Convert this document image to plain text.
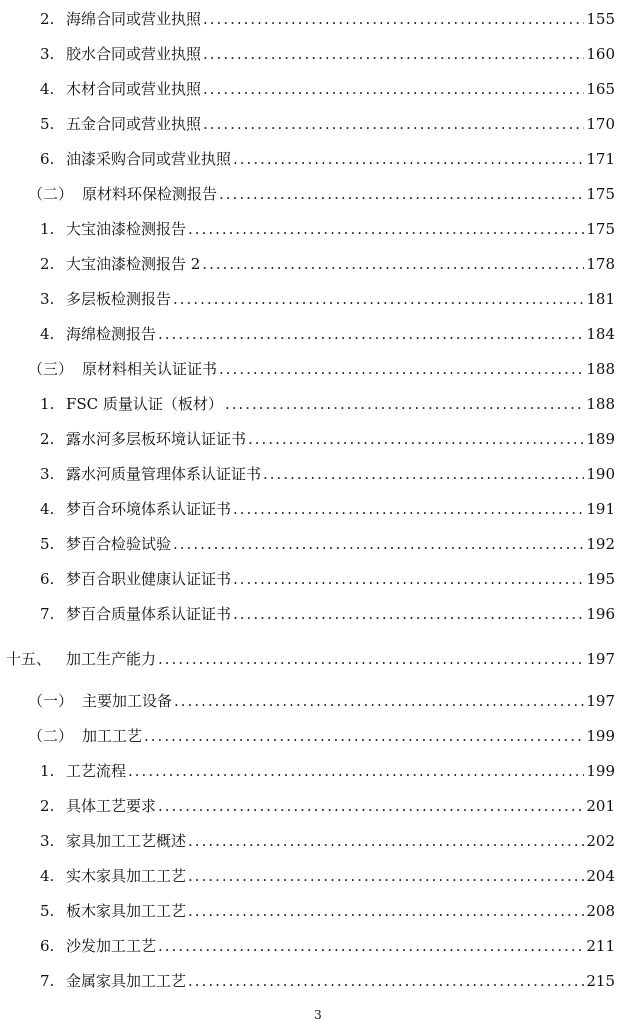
2. 海绵合同或营业执照 .....	155
3. 胶水合同或营业执照 .....	160
4. 木材合同或营业执照 .....	165
5. 五金合同或营业执照 .....	170
6. 油漆采购合同或营业执照 .....	171
（二） 原材料环保检测报告 .....	175
1. 大宝油漆检测报告 .....	175
2. 大宝油漆检测报告 2 .....	178
3. 多层板检测报告 .....	181
4. 海绵检测报告 .....	184
（三） 原材料相关认证证书 .....	188
1. FSC 质量认证（板材） .....	188
2. 露水河多层板环境认证证书 .....	189
3. 露水河质量管理体系认证证书 .....	190
4. 梦百合环境体系认证证书 .....	191
5. 梦百合检验试验 .....	192
6. 梦百合职业健康认证证书 .....	195
7. 梦百合质量体系认证证书 .....	196
十五、 加工生产能力 .....	197
（一） 主要加工设备 .....	197
（二） 加工工艺 .....	199
1. 工艺流程 .....	199
2. 具体工艺要求 .....	201
3. 家具加工工艺概述 .....	202
4. 实木家具加工工艺 .....	204
5. 板木家具加工工艺 .....	208
6. 沙发加工工艺 .....	211
7. 金属家具加工工艺 .....	215
3
